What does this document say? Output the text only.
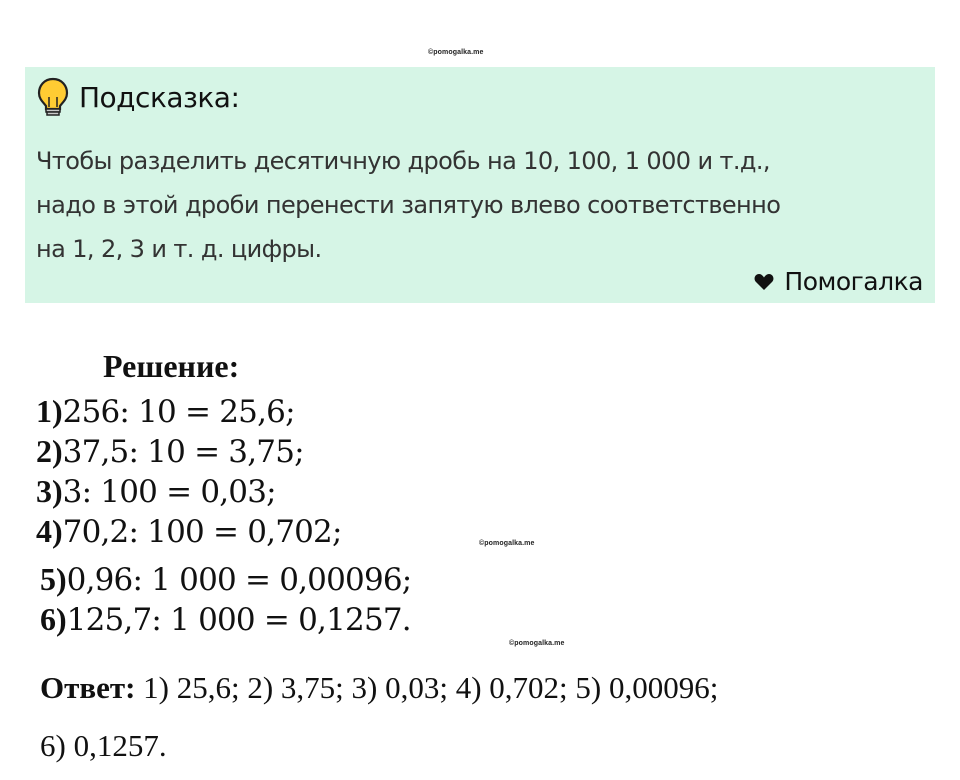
©pomogalka.me
Подсказка:
Чтобы разделить десятичную дробь на 10, 100, 1 000 и т.д.,
надо в этой дроби перенести запятую влево соответственно
на 1, 2, 3 и т. д. цифры.
Помогалка
Решение:
1)256: 10 = 25,6;
2)37,5: 10 = 3,75;
3)3: 100 = 0,03;
4)70,2: 100 = 0,702;	©pomogalka.me
5)0,96: 1 000 = 0,00096;
6)125,7: 1 000 = 0,1257.
©pomogalka.me
Ответ: 1) 25,6; 2) 3,75; 3) 0,03; 4) 0,702; 5) 0,00096;
6) 0,1257.
